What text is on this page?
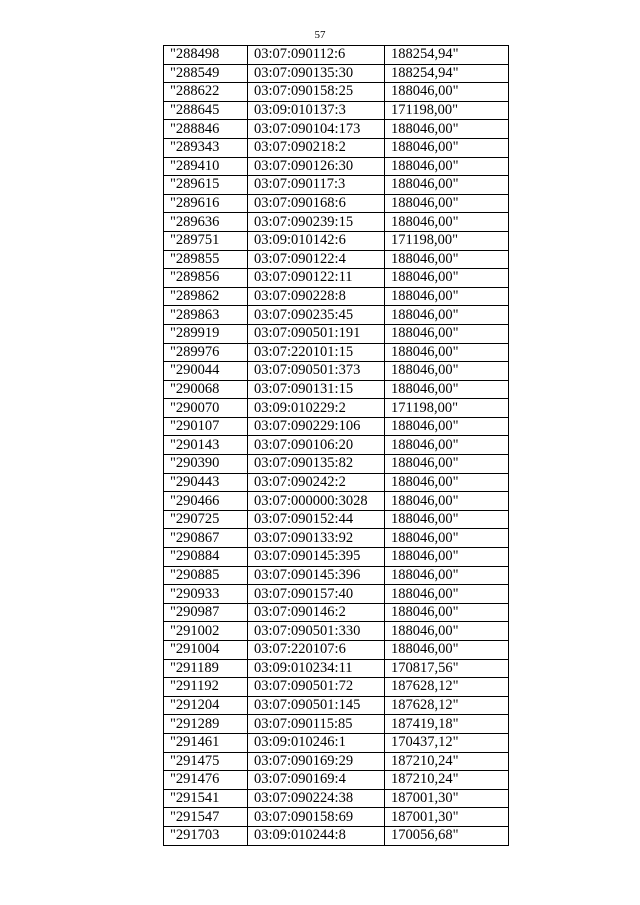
57
"288498	03:07:090112:6	188254,94"
"288549	03:07:090135:30	188254,94"
"288622	03:07:090158:25	188046,00"
"288645	03:09:010137:3	171198,00"
"288846	03:07:090104:173	188046,00"
"289343	03:07:090218:2	188046,00"
"289410	03:07:090126:30	188046,00"
"289615	03:07:090117:3	188046,00"
"289616	03:07:090168:6	188046,00"
"289636	03:07:090239:15	188046,00"
"289751	03:09:010142:6	171198,00"
"289855	03:07:090122:4	188046,00"
"289856	03:07:090122:11	188046,00"
"289862	03:07:090228:8	188046,00"
"289863	03:07:090235:45	188046,00"
"289919	03:07:090501:191	188046,00"
"289976	03:07:220101:15	188046,00"
"290044	03:07:090501:373	188046,00"
"290068	03:07:090131:15	188046,00"
"290070	03:09:010229:2	171198,00"
"290107	03:07:090229:106	188046,00"
"290143	03:07:090106:20	188046,00"
"290390	03:07:090135:82	188046,00"
"290443	03:07:090242:2	188046,00"
"290466	03:07:000000:3028	188046,00"
"290725	03:07:090152:44	188046,00"
"290867	03:07:090133:92	188046,00"
"290884	03:07:090145:395	188046,00"
"290885	03:07:090145:396	188046,00"
"290933	03:07:090157:40	188046,00"
"290987	03:07:090146:2	188046,00"
"291002	03:07:090501:330	188046,00"
"291004	03:07:220107:6	188046,00"
"291189	03:09:010234:11	170817,56"
"291192	03:07:090501:72	187628,12"
"291204	03:07:090501:145	187628,12"
"291289	03:07:090115:85	187419,18"
"291461	03:09:010246:1	170437,12"
"291475	03:07:090169:29	187210,24"
"291476	03:07:090169:4	187210,24"
"291541	03:07:090224:38	187001,30"
"291547	03:07:090158:69	187001,30"
"291703	03:09:010244:8	170056,68"
